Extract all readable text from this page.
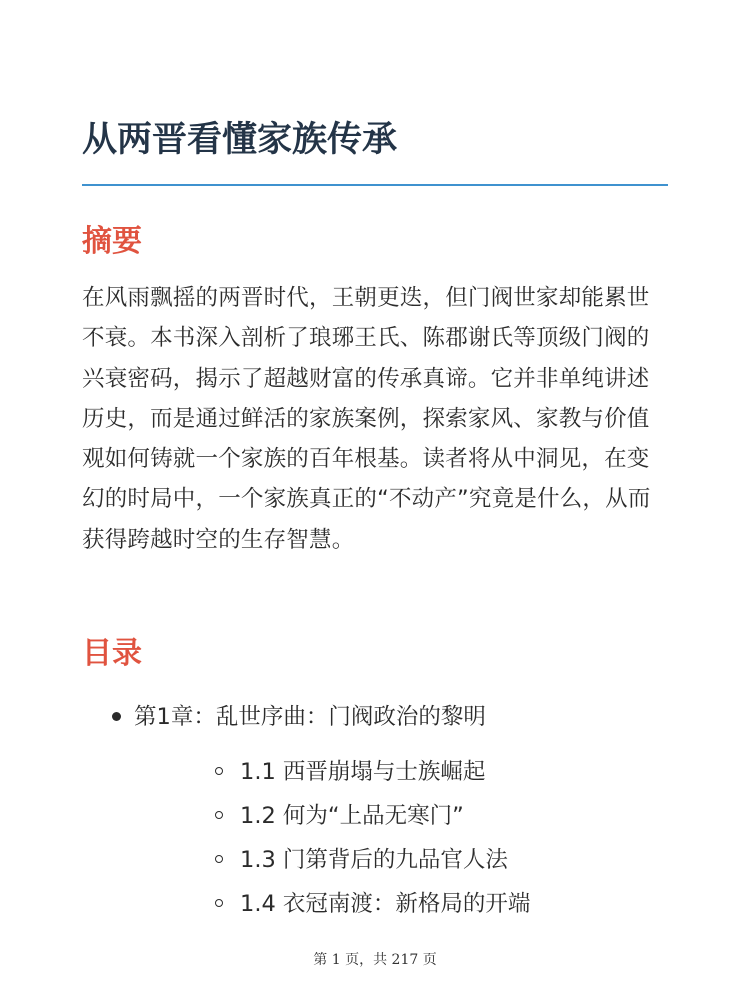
从两晋看懂家族传承
摘要

在风雨飘摇的两晋时代，王朝更迭，但门阀世家却能累世不衰。本书深入剖析了琅琊王氏、陈郡谢氏等顶级门阀的兴衰密码，揭示了超越财富的传承真谛。它并非单纯讲述历史，而是通过鲜活的家族案例，探索家风、家教与价值观如何铸就一个家族的百年根基。读者将从中洞见，在变幻的时局中，一个家族真正的“不动产”究竟是什么，从而获得跨越时空的生存智慧。

目录
第1章：乱世序曲：门阀政治的黎明
1.1 西晋崩塌与士族崛起
1.2 何为“上品无寒门”
1.3 门第背后的九品官人法
1.4 衣冠南渡：新格局的开端
第 1 页，共 217 页
